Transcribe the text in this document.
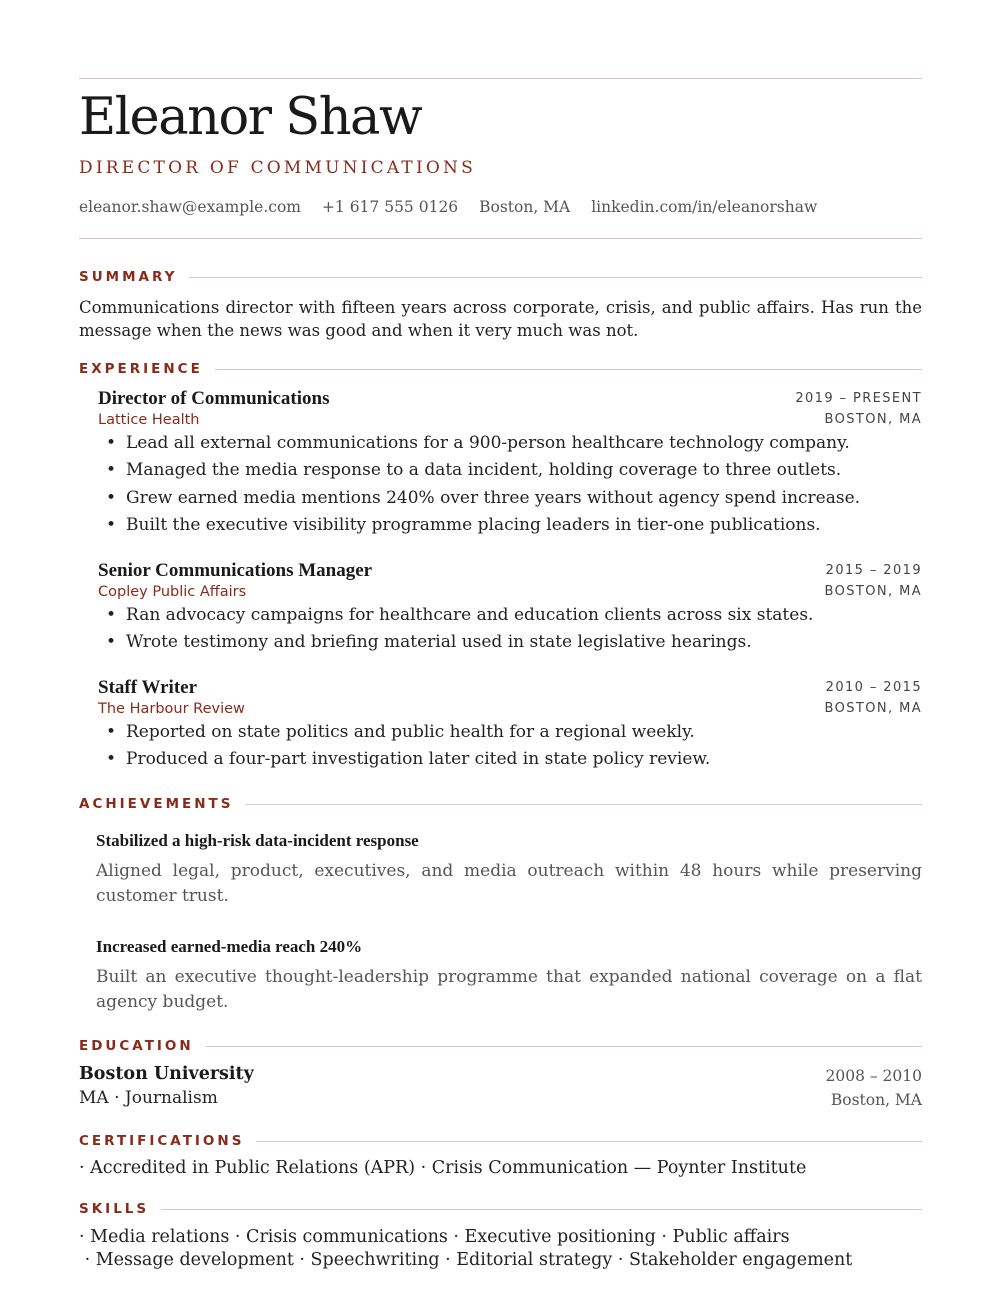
Eleanor Shaw
DIRECTOR OF COMMUNICATIONS
eleanor.shaw@example.com +1 617 555 0126 Boston, MA linkedin.com/in/eleanorshaw
SUMMARY
Communications director with fifteen years across corporate, crisis, and public affairs. Has run the message when the news was good and when it very much was not.
EXPERIENCE
Director of Communications
Lattice Health
2019 – PRESENT
BOSTON, MA
• Lead all external communications for a 900-person healthcare technology company.
• Managed the media response to a data incident, holding coverage to three outlets.
• Grew earned media mentions 240% over three years without agency spend increase.
• Built the executive visibility programme placing leaders in tier-one publications.
Senior Communications Manager
Copley Public Affairs
2015 – 2019
BOSTON, MA
• Ran advocacy campaigns for healthcare and education clients across six states.
• Wrote testimony and briefing material used in state legislative hearings.
Staff Writer
The Harbour Review
2010 – 2015
BOSTON, MA
• Reported on state politics and public health for a regional weekly.
• Produced a four-part investigation later cited in state policy review.
ACHIEVEMENTS
Stabilized a high-risk data-incident response
Aligned legal, product, executives, and media outreach within 48 hours while preserving customer trust.
Increased earned-media reach 240%
Built an executive thought-leadership programme that expanded national coverage on a flat agency budget.
EDUCATION
Boston University
MA · Journalism
2008 – 2010
Boston, MA
CERTIFICATIONS
· Accredited in Public Relations (APR) · Crisis Communication — Poynter Institute
SKILLS
· Media relations · Crisis communications · Executive positioning · Public affairs
· Message development · Speechwriting · Editorial strategy · Stakeholder engagement
